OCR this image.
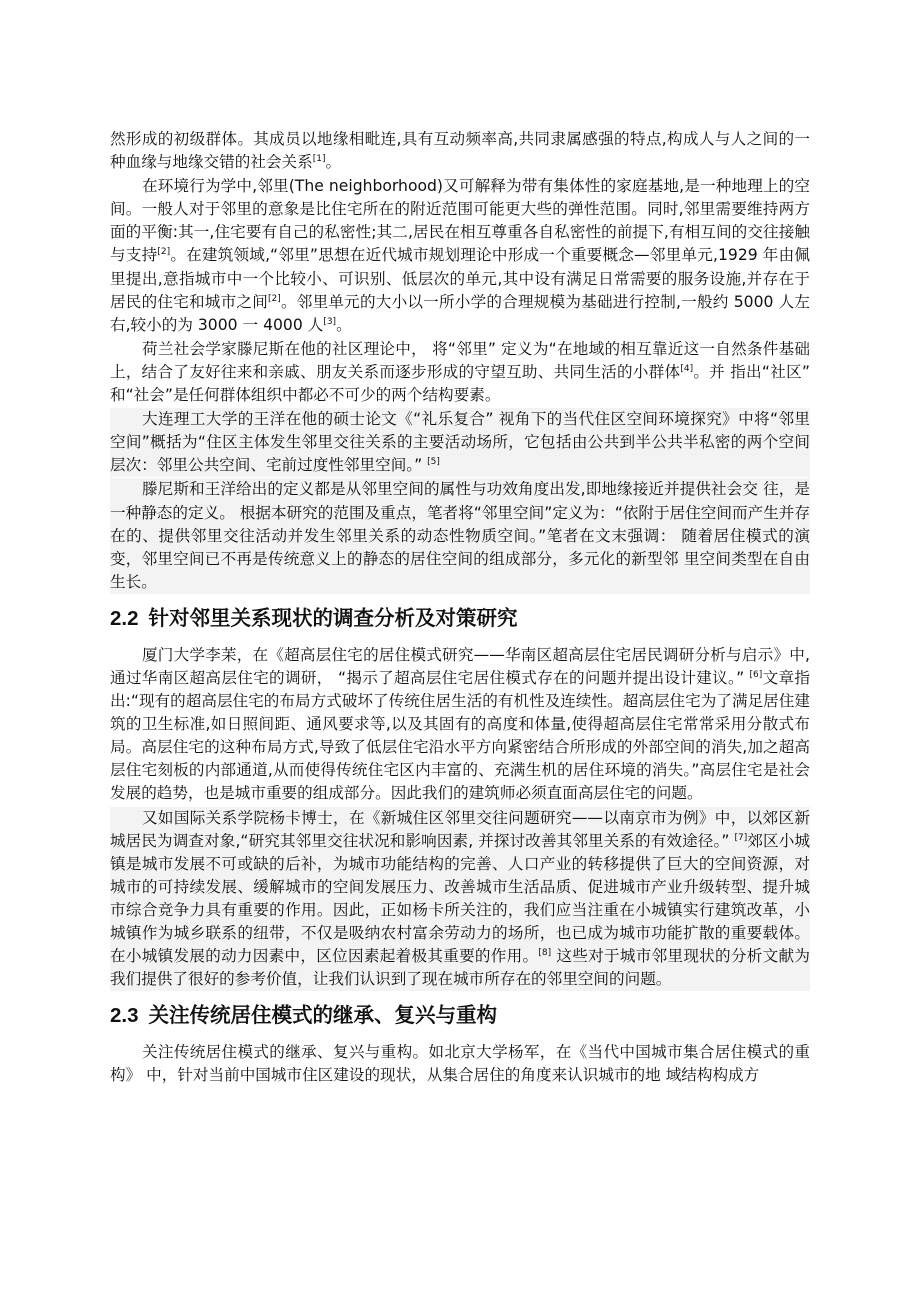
然形成的初级群体。其成员以地缘相毗连,具有互动频率高,共同隶属感强的特点,构成人与人之间的一种血缘与地缘交错的社会关系[1]。

在环境行为学中,邻里(The neighborhood)又可解释为带有集体性的家庭基地,是一种地理上的空间。一般人对于邻里的意象是比住宅所在的附近范围可能更大些的弹性范围。同时,邻里需要维持两方面的平衡:其一,住宅要有自己的私密性;其二,居民在相互尊重各自私密性的前提下,有相互间的交往接触与支持[2]。在建筑领域,“邻里”思想在近代城市规划理论中形成一个重要概念—邻里单元,1929 年由佩里提出,意指城市中一个比较小、可识别、低层次的单元,其中设有满足日常需要的服务设施,并存在于居民的住宅和城市之间[2]。邻里单元的大小以一所小学的合理规模为基础进行控制,一般约 5000 人左右,较小的为 3000 一 4000 人[3]。

荷兰社会学家滕尼斯在他的社区理论中， 将“邻里” 定义为“在地域的相互靠近这一自然条件基础上，结合了友好往来和亲戚、朋友关系而逐步形成的守望互助、共同生活的小群体[4]。并 指出“社区” 和“社会”是任何群体组织中都必不可少的两个结构要素。

大连理工大学的王洋在他的硕士论文《“礼乐复合” 视角下的当代住区空间环境探究》中将“邻里空间”概括为“住区主体发生邻里交往关系的主要活动场所，它包括由公共到半公共半私密的两个空间层次：邻里公共空间、宅前过度性邻里空间。” [5]

滕尼斯和王洋给出的定义都是从邻里空间的属性与功效角度出发,即地缘接近并提供社会交 往，是一种静态的定义。 根据本研究的范围及重点，笔者将“邻里空间”定义为：“依附于居住空间而产生并存在的、提供邻里交往活动并发生邻里关系的动态性物质空间。”笔者在文末强调： 随着居住模式的演变，邻里空间已不再是传统意义上的静态的居住空间的组成部分，多元化的新型邻 里空间类型在自由生长。

2.2 针对邻里关系现状的调查分析及对策研究

厦门大学李苿，在《超高层住宅的居住模式研究——华南区超高层住宅居民调研分析与启示》中,通过华南区超高层住宅的调研， “揭示了超高层住宅居住模式存在的问题并提出设计建议。” [6]文章指出:“现有的超高层住宅的布局方式破坏了传统住居生活的有机性及连续性。超高层住宅为了满足居住建筑的卫生标准,如日照间距、通风要求等,以及其固有的高度和体量,使得超高层住宅常常采用分散式布局。高层住宅的这种布局方式,导致了低层住宅沿水平方向紧密结合所形成的外部空间的消失,加之超高层住宅刻板的内部通道,从而使得传统住宅区内丰富的、充满生机的居住环境的消失。”高层住宅是社会发展的趋势，也是城市重要的组成部分。因此我们的建筑师必须直面高层住宅的问题。

又如国际关系学院杨卡博士，在《新城住区邻里交往问题研究——以南京市为例》中，以郊区新城居民为调查对象,“研究其邻里交往状况和影响因素, 并探讨改善其邻里关系的有效途径。” [7]郊区小城镇是城市发展不可或缺的后补，为城市功能结构的完善、人口产业的转移提供了巨大的空间资源，对城市的可持续发展、缓解城市的空间发展压力、改善城市生活品质、促进城市产业升级转型、提升城市综合竞争力具有重要的作用。因此，正如杨卡所关注的，我们应当注重在小城镇实行建筑改革，小城镇作为城乡联系的纽带，不仅是吸纳农村富余劳动力的场所，也已成为城市功能扩散的重要载体。在小城镇发展的动力因素中，区位因素起着极其重要的作用。[8] 这些对于城市邻里现状的分析文献为我们提供了很好的参考价值，让我们认识到了现在城市所存在的邻里空间的问题。

2.3 关注传统居住模式的继承、复兴与重构

关注传统居住模式的继承、复兴与重构。如北京大学杨军，在《当代中国城市集合居住模式的重构》 中，针对当前中国城市住区建设的现状，从集合居住的角度来认识城市的地 域结构构成方
